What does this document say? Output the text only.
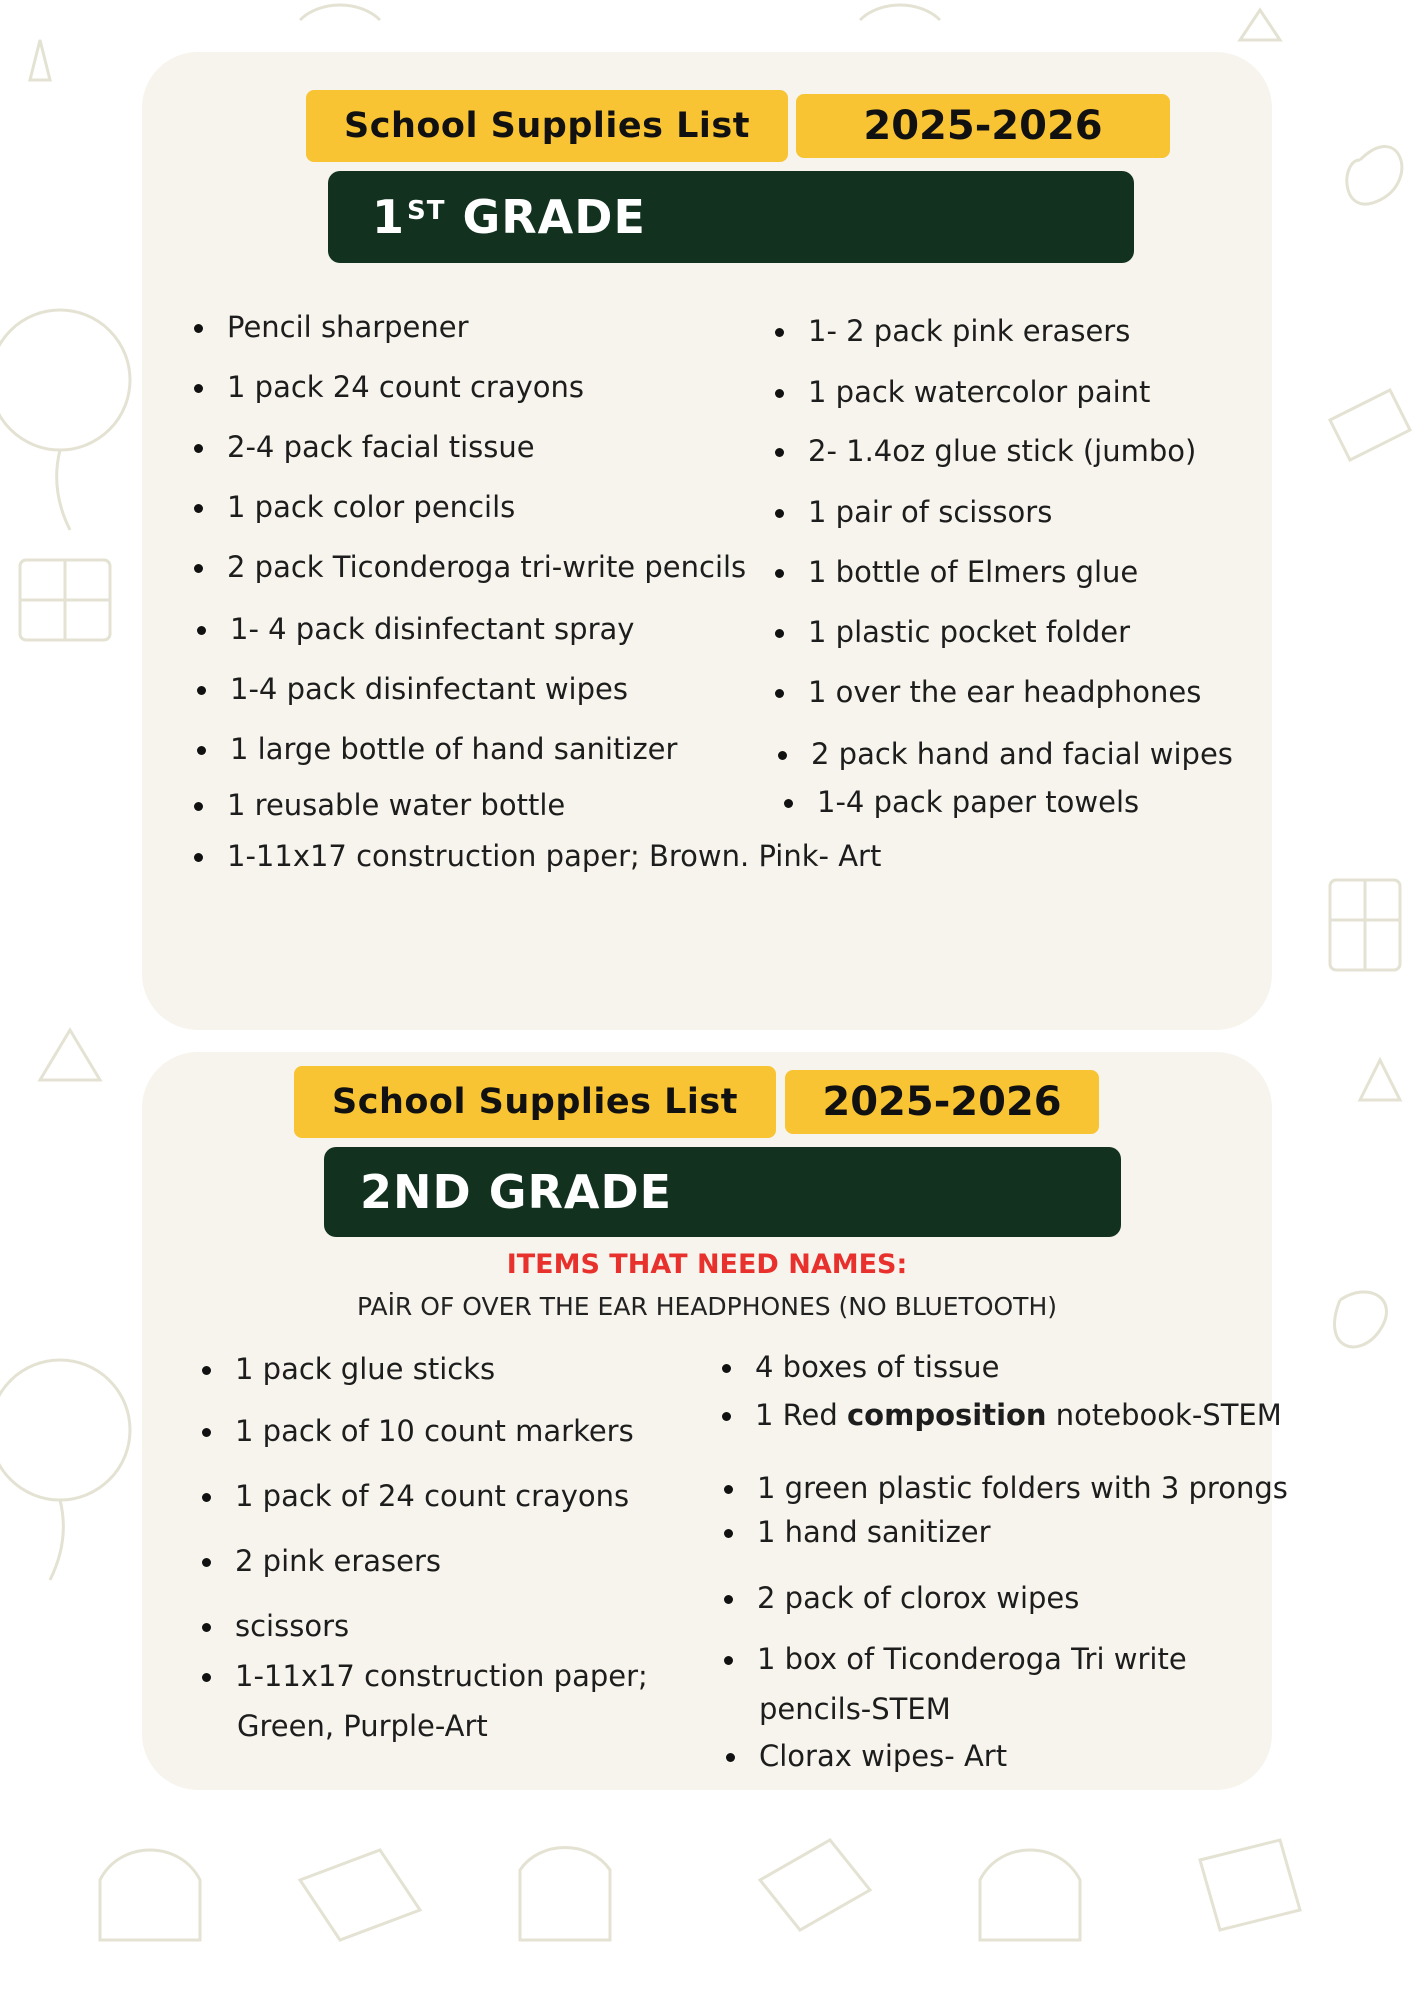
School Supplies List	2025-2026
1ST GRADE
Pencil sharpener
1 pack 24 count crayons
2-4 pack facial tissue
1 pack color pencils
2 pack Ticonderoga tri-write pencils
1- 4 pack disinfectant spray
1-4 pack disinfectant wipes
1 large bottle of hand sanitizer
1 reusable water bottle
1-11x17 construction paper; Brown. Pink- Art
1- 2 pack pink erasers
1 pack watercolor paint
2- 1.4oz glue stick (jumbo)
1 pair of scissors
1 bottle of Elmers glue
1 plastic pocket folder
1 over the ear headphones
2 pack hand and facial wipes
1-4 pack paper towels
School Supplies List 2025-2026
2ND GRADE
ITEMS THAT NEED NAMES:
PAİR OF OVER THE EAR HEADPHONES (NO BLUETOOTH)
1 pack glue sticks
1 pack of 10 count markers
1 pack of 24 count crayons
2 pink erasers
scissors
1-11x17 construction paper;
Green, Purple-Art
4 boxes of tissue
1 Red composition notebook-STEM
1 green plastic folders with 3 prongs
1 hand sanitizer
2 pack of clorox wipes
1 box of Ticonderoga Tri write
pencils-STEM
Clorax wipes- Art
